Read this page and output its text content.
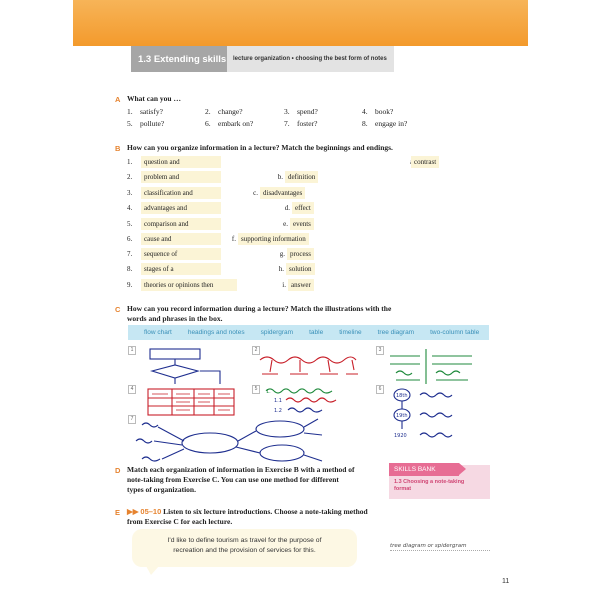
1.3 Extending skills	lecture organization • choosing the best form of notes
A What can you …
1. satisfy?	2. change?	3. spend?	4. book?
5. pollute?	6. embark on?	7. foster?	8. engage in?
B How can you organize information in a lecture? Match the beginnings and endings.
1.	question and	contrast
2.	problem and	b. definition
3.	classification and	c. disadvantages
4.	advantages and	d. effect
5.	comparison and	e. events
6.	cause and	f. supporting information
7.	sequence of	g. process
8.	stages of a	h. solution
9.	theories or opinions then	i. answer
C How can you record information during a lecture? Match the illustrations with the
words and phrases in the box.
flow chart headings and notes spidergram table timeline tree diagram two-column table
1	2	3
4	5	1.
1.1
1.2
6
18th
19th
1920
7
D Match each organization of information in Exercise B with a method of
note-taking from Exercise C. You can use one method for different
types of organization.
SKILLS BANK
1.3 Choosing a note-taking
format
E ▶▶ 05–10 Listen to six lecture introductions. Choose a note-taking method
from Exercise C for each lecture.
I'd like to define tourism as travel for the purpose of
recreation and the provision of services for this.
tree diagram or spidergram
11
